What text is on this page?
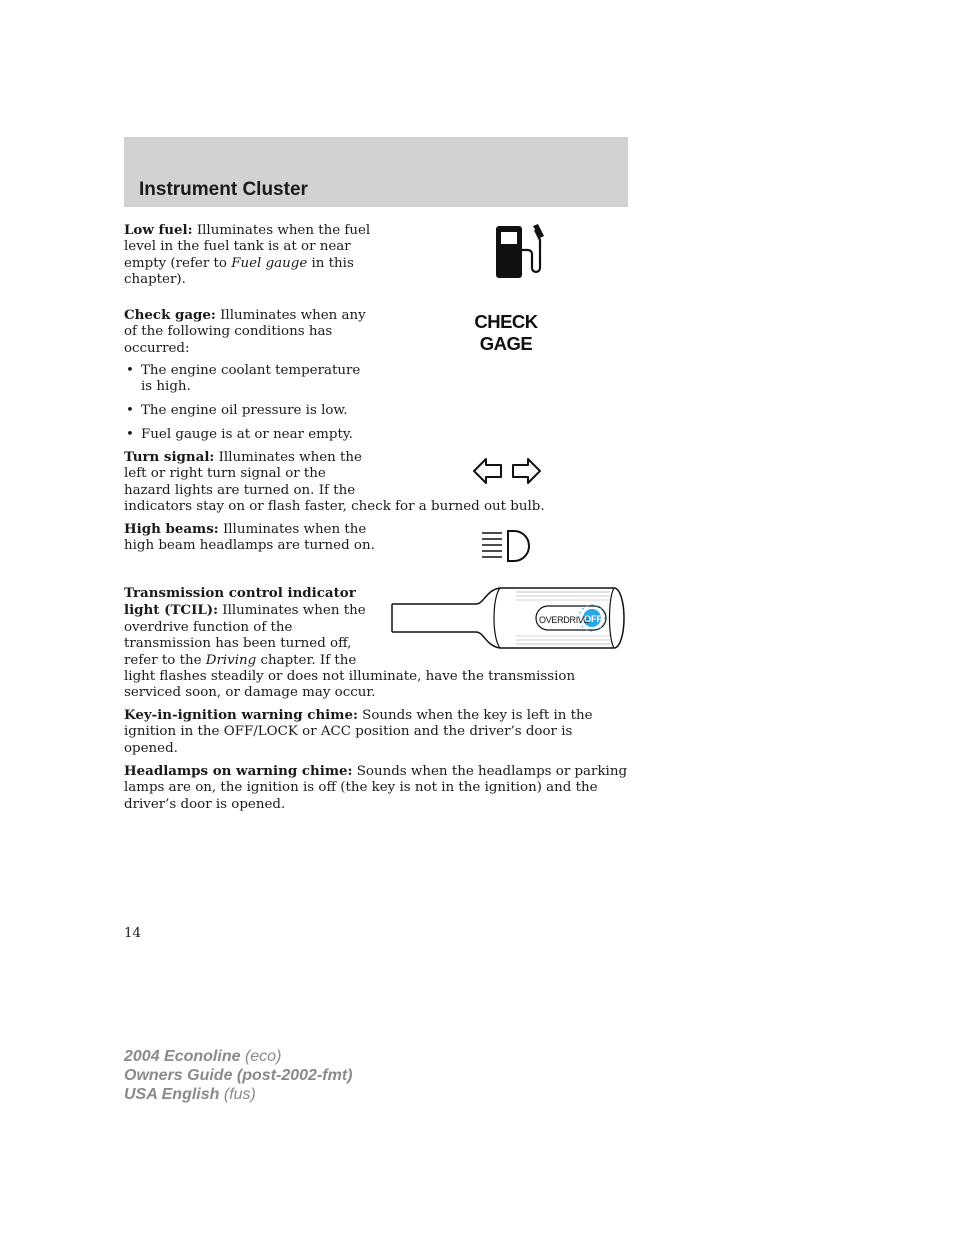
Instrument Cluster
Low fuel: Illuminates when the fuel level in the fuel tank is at or near empty (refer to Fuel gauge in this chapter).
Check gage: Illuminates when any of the following conditions has occurred:
CHECK
GAGE
• The engine coolant temperature is high.
• The engine oil pressure is low.
• Fuel gauge is at or near empty.
Turn signal: Illuminates when the
left or right turn signal or the
hazard lights are turned on. If the
indicators stay on or flash faster, check for a burned out bulb.
High beams: Illuminates when the high beam headlamps are turned on.
Transmission control indicator
light (TCIL): Illuminates when the
overdrive function of the
transmission has been turned off,
refer to the Driving chapter. If the
light flashes steadily or does not illuminate, have the transmission
serviced soon, or damage may occur.
OVERDRIVE
OFF
Key-in-ignition warning chime: Sounds when the key is left in the ignition in the OFF/LOCK or ACC position and the driver’s door is opened.
Headlamps on warning chime: Sounds when the headlamps or parking lamps are on, the ignition is off (the key is not in the ignition) and the driver’s door is opened.
14
2004 Econoline (eco)
Owners Guide (post-2002-fmt)
USA English (fus)
